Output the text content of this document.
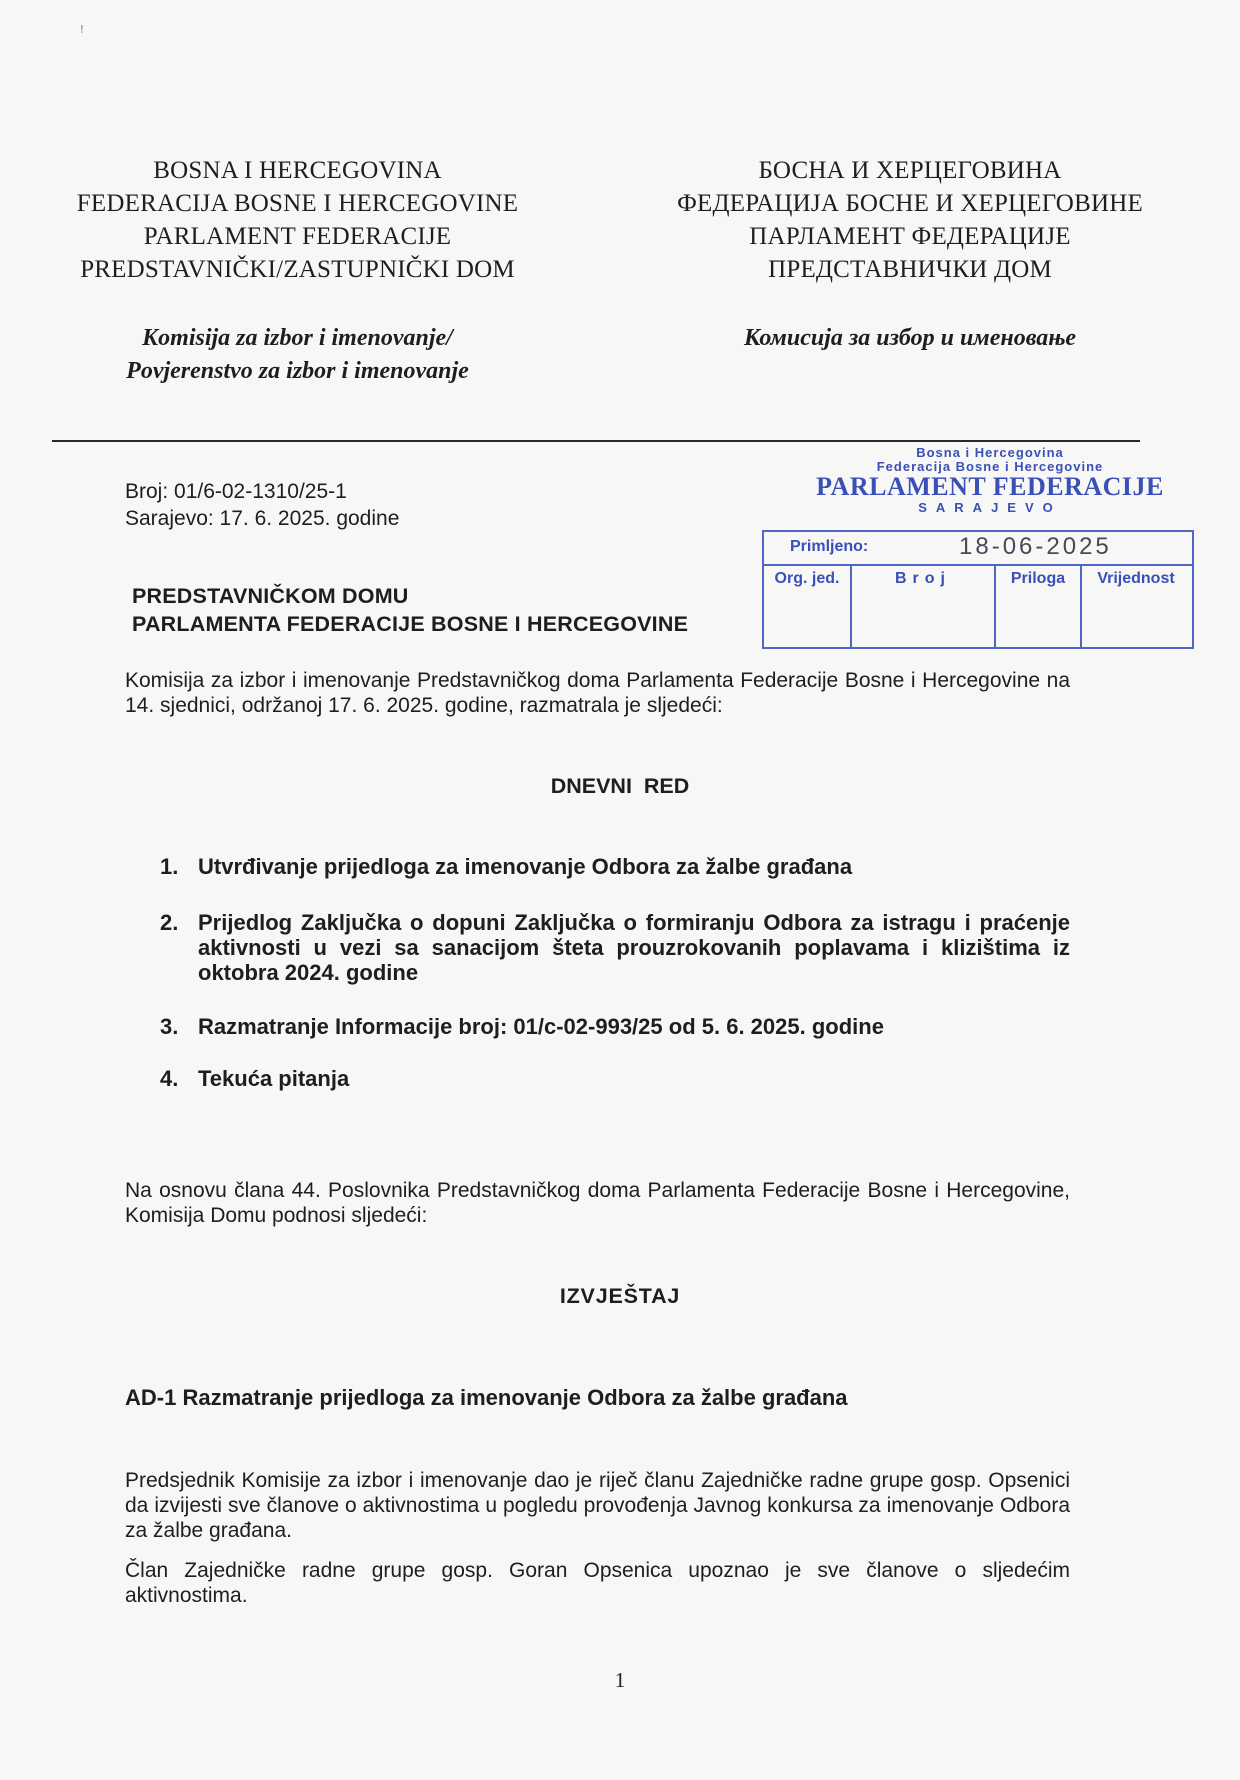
ꜝ
BOSNA I HERCEGOVINA
FEDERACIJA BOSNE I HERCEGOVINE
PARLAMENT FEDERACIJE
PREDSTAVNIČKI/ZASTUPNIČKI DOM
БОСНА И ХЕРЦЕГОВИНА
ФЕДЕРАЦИЈА БОСНЕ И ХЕРЦЕГОВИНЕ
ПАРЛАМЕНТ ФЕДЕРАЦИЈЕ
ПРЕДСТАВНИЧКИ ДОМ
Komisija za izbor i imenovanje/
Povjerenstvo za izbor i imenovanje
Комисија за избор и именовање
Broj: 01/6-02-1310/25-1
Sarajevo: 17. 6. 2025. godine
Bosna i Hercegovina
Federacija Bosne i Hercegovine
PARLAMENT FEDERACIJE
SARAJEVO
Primljeno:	18-06-2025
Org. jed.	Broj	Priloga	Vrijednost
PREDSTAVNIČKOM DOMU
PARLAMENTA FEDERACIJE BOSNE I HERCEGOVINE
Komisija za izbor i imenovanje Predstavničkog doma Parlamenta Federacije Bosne i Hercegovine na 14. sjednici, održanoj 17. 6. 2025. godine, razmatrala je sljedeći:
DNEVNI  RED
1. Utvrđivanje prijedloga za imenovanje Odbora za žalbe građana
2. Prijedlog Zaključka o dopuni Zaključka o formiranju Odbora za istragu i praćenje aktivnosti u vezi sa sanacijom šteta prouzrokovanih poplavama i klizištima iz oktobra 2024. godine
3. Razmatranje Informacije broj: 01/c-02-993/25 od 5. 6. 2025. godine
4. Tekuća pitanja
Na osnovu člana 44. Poslovnika Predstavničkog doma Parlamenta Federacije Bosne i Hercegovine, Komisija Domu podnosi sljedeći:
IZVJEŠTAJ
AD-1 Razmatranje prijedloga za imenovanje Odbora za žalbe građana
Predsjednik Komisije za izbor i imenovanje dao je riječ članu Zajedničke radne grupe gosp. Opsenici da izvijesti sve članove o aktivnostima u pogledu provođenja Javnog konkursa za imenovanje Odbora za žalbe građana.
Član Zajedničke radne grupe gosp. Goran Opsenica upoznao je sve članove o sljedećim aktivnostima.
1
